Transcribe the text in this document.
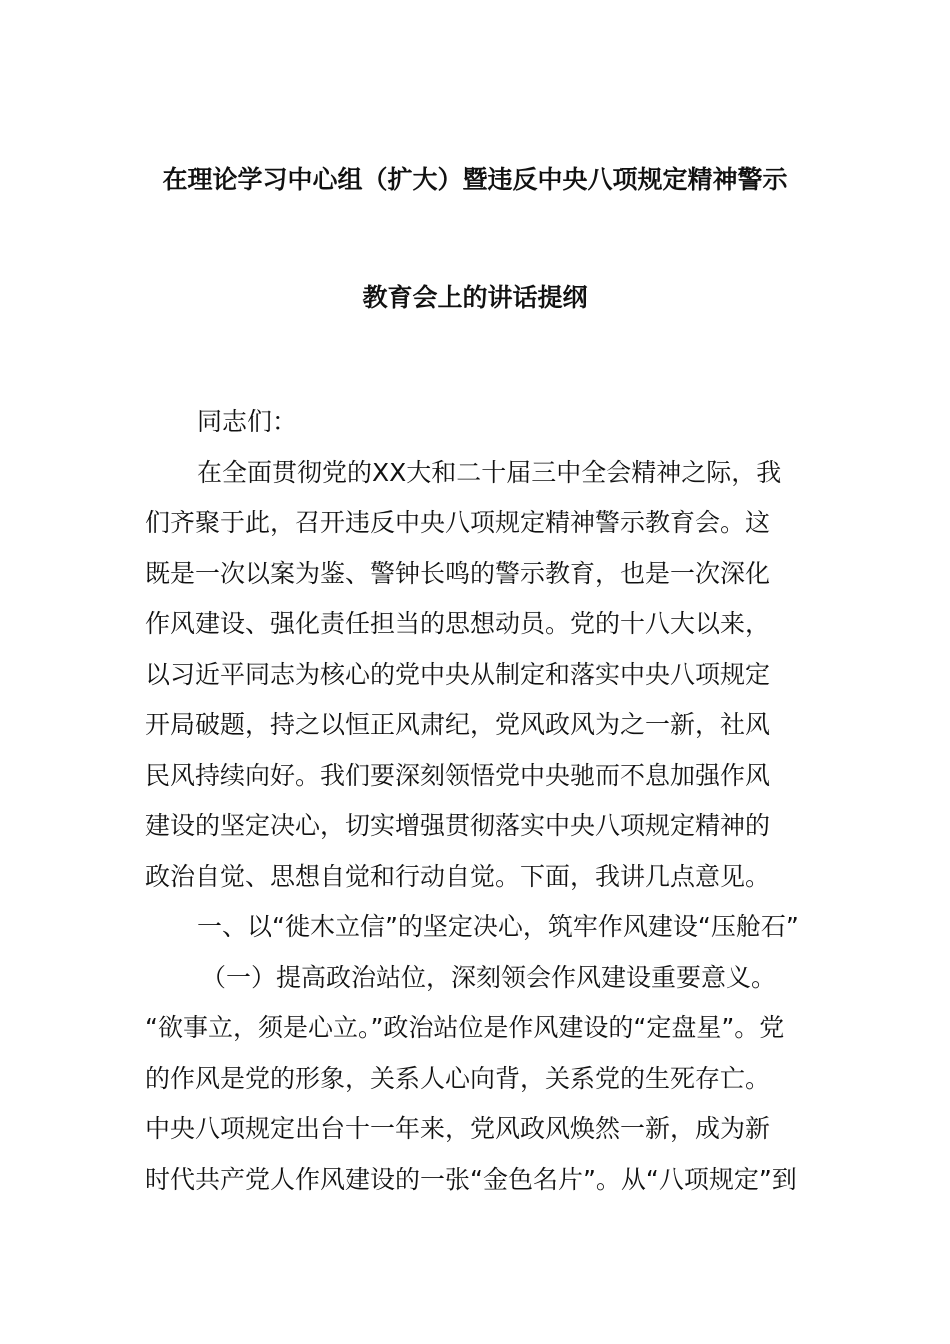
在理论学习中心组（扩大）暨违反中央八项规定精神警示
教育会上的讲话提纲
同志们：
在全面贯彻党的XX大和二十届三中全会精神之际，我
们齐聚于此，召开违反中央八项规定精神警示教育会。这
既是一次以案为鉴、警钟长鸣的警示教育，也是一次深化
作风建设、强化责任担当的思想动员。党的十八大以来，
以习近平同志为核心的党中央从制定和落实中央八项规定
开局破题，持之以恒正风肃纪，党风政风为之一新，社风
民风持续向好。我们要深刻领悟党中央驰而不息加强作风
建设的坚定决心，切实增强贯彻落实中央八项规定精神的
政治自觉、思想自觉和行动自觉。下面，我讲几点意见。
一、以“徙木立信”的坚定决心，筑牢作风建设“压舱石”
（一）提高政治站位，深刻领会作风建设重要意义。
“欲事立，须是心立。”政治站位是作风建设的“定盘星”。党
的作风是党的形象，关系人心向背，关系党的生死存亡。
中央八项规定出台十一年来，党风政风焕然一新，成为新
时代共产党人作风建设的一张“金色名片”。从“八项规定”到
